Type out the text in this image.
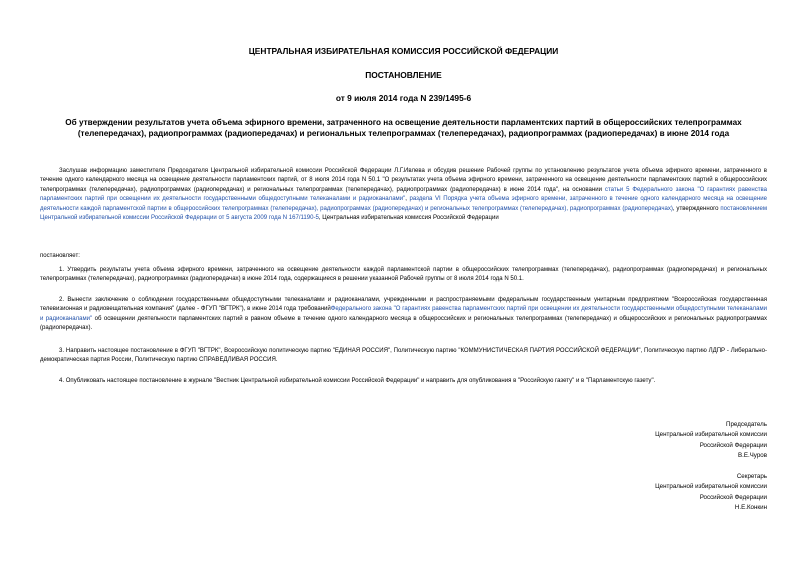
ЦЕНТРАЛЬНАЯ ИЗБИРАТЕЛЬНАЯ КОМИССИЯ РОССИЙСКОЙ ФЕДЕРАЦИИ
ПОСТАНОВЛЕНИЕ
от 9 июля 2014 года N 239/1495-6
Об утверждении результатов учета объема эфирного времени, затраченного на освещение деятельности парламентских партий в общероссийских телепрограммах (телепередачах), радиопрограммах (радиопередачах) и региональных телепрограммах (телепередачах), радиопрограммах (радиопередачах) в июне 2014 года
Заслушав информацию заместителя Председателя Центральной избирательной комиссии Российской Федерации Л.Г.Ивлева и обсудив решение Рабочей группы по установлению результатов учета объема эфирного времени, затраченного в течение одного календарного месяца на освещение деятельности парламентских партий, от 8 июля 2014 года N 50.1 "О результатах учета объема эфирного времени, затраченного на освещение деятельности парламентских партий в общероссийских телепрограммах (телепередачах), радиопрограммах (радиопередачах) и региональных телепрограммах (телепередачах), радиопрограммах (радиопередачах) в июне 2014 года", на основании статьи 5 Федерального закона "О гарантиях равенства парламентских партий при освещении их деятельности государственными общедоступными телеканалами и радиоканалами", раздела VI Порядка учета объема эфирного времени, затраченного в течение одного календарного месяца на освещение деятельности каждой парламентской партии в общероссийских телепрограммах (телепередачах), радиопрограммах (радиопередачах) и региональных телепрограммах (телепередачах), радиопрограммах (радиопередачах), утвержденного постановлением Центральной избирательной комиссии Российской Федерации от 5 августа 2009 года N 167/1190-5, Центральная избирательная комиссия Российской Федерации
постановляет:
1. Утвердить результаты учета объема эфирного времени, затраченного на освещение деятельности каждой парламентской партии в общероссийских телепрограммах (телепередачах), радиопрограммах (радиопередачах) и региональных телепрограммах (телепередачах), радиопрограммах (радиопередачах) в июне 2014 года, содержащиеся в решении указанной Рабочей группы от 8 июля 2014 года N 50.1.
2. Вынести заключение о соблюдении государственными общедоступными телеканалами и радиоканалами, учрежденными и распространяемыми федеральным государственным унитарным предприятием "Всероссийская государственная телевизионная и радиовещательная компания" (далее - ФГУП "ВГТРК"), в июне 2014 года требованийФедерального закона "О гарантиях равенства парламентских партий при освещении их деятельности государственными общедоступными телеканалами и радиоканалами" об освещении деятельности парламентских партий в равном объеме в течение одного календарного месяца в общероссийских и региональных телепрограммах (телепередачах) и общероссийских и региональных радиопрограммах (радиопередачах).
3. Направить настоящее постановление в ФГУП "ВГТРК", Всероссийскую политическую партию "ЕДИНАЯ РОССИЯ", Политическую партию "КОММУНИСТИЧЕСКАЯ ПАРТИЯ РОССИЙСКОЙ ФЕДЕРАЦИИ", Политическую партию ЛДПР - Либерально-демократическая партия России, Политическую партию СПРАВЕДЛИВАЯ РОССИЯ.
4. Опубликовать настоящее постановление в журнале "Вестник Центральной избирательной комиссии Российской Федерации" и направить для опубликования в "Российскую газету" и в "Парламентскую газету".
Председатель
Центральной избирательной комиссии
Российской Федерации
В.Е.Чуров
Секретарь
Центральной избирательной комиссии
Российской Федерации
Н.Е.Конкин
